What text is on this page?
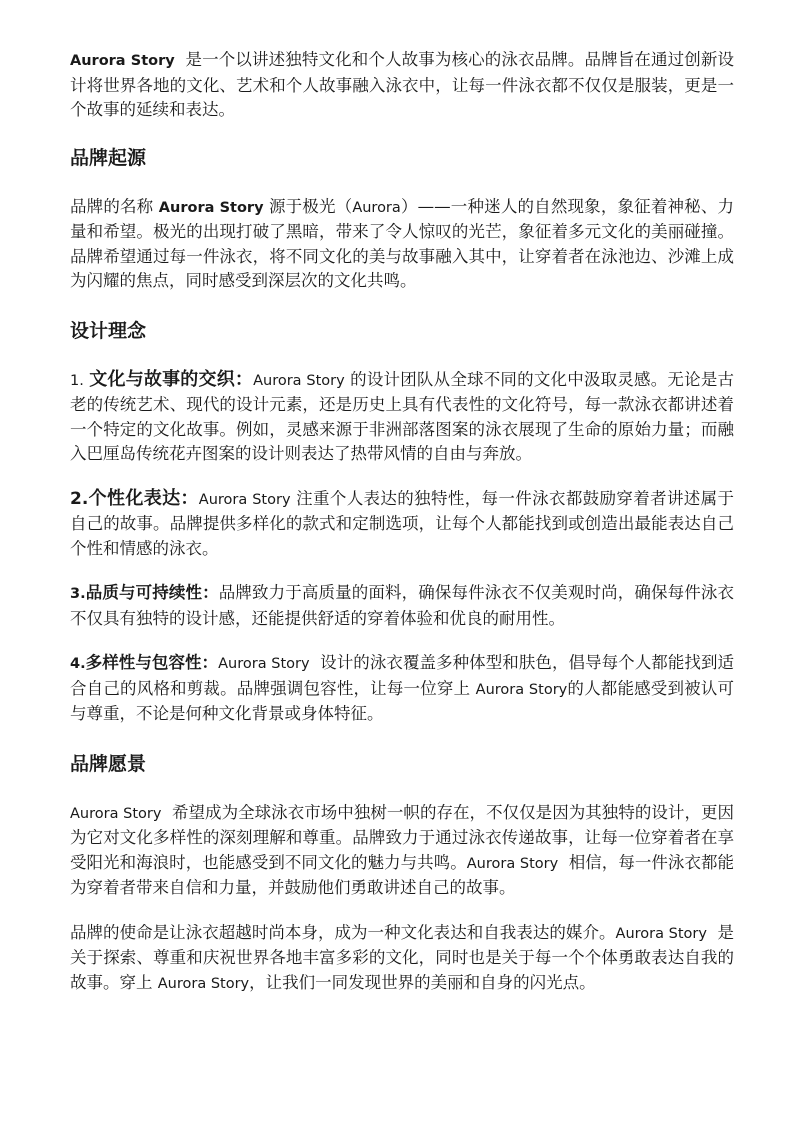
Aurora Story 是一个以讲述独特文化和个人故事为核心的泳衣品牌。品牌旨在通过创新设计将世界各地的文化、艺术和个人故事融入泳衣中，让每一件泳衣都不仅仅是服装，更是一个故事的延续和表达。

品牌起源

品牌的名称 Aurora Story 源于极光（Aurora）——一种迷人的自然现象，象征着神秘、力量和希望。极光的出现打破了黑暗，带来了令人惊叹的光芒，象征着多元文化的美丽碰撞。品牌希望通过每一件泳衣，将不同文化的美与故事融入其中，让穿着者在泳池边、沙滩上成为闪耀的焦点，同时感受到深层次的文化共鸣。

设计理念

1. 文化与故事的交织：Aurora Story 的设计团队从全球不同的文化中汲取灵感。无论是古老的传统艺术、现代的设计元素，还是历史上具有代表性的文化符号，每一款泳衣都讲述着一个特定的文化故事。例如，灵感来源于非洲部落图案的泳衣展现了生命的原始力量；而融入巴厘岛传统花卉图案的设计则表达了热带风情的自由与奔放。

2.个性化表达：Aurora Story 注重个人表达的独特性，每一件泳衣都鼓励穿着者讲述属于自己的故事。品牌提供多样化的款式和定制选项，让每个人都能找到或创造出最能表达自己个性和情感的泳衣。

3.品质与可持续性：品牌致力于高质量的面料，确保每件泳衣不仅美观时尚，确保每件泳衣不仅具有独特的设计感，还能提供舒适的穿着体验和优良的耐用性。

4.多样性与包容性：Aurora Story 设计的泳衣覆盖多种体型和肤色，倡导每个人都能找到适合自己的风格和剪裁。品牌强调包容性，让每一位穿上 Aurora Story的人都能感受到被认可与尊重，不论是何种文化背景或身体特征。

品牌愿景

Aurora Story 希望成为全球泳衣市场中独树一帜的存在，不仅仅是因为其独特的设计，更因为它对文化多样性的深刻理解和尊重。品牌致力于通过泳衣传递故事，让每一位穿着者在享受阳光和海浪时，也能感受到不同文化的魅力与共鸣。Aurora Story 相信，每一件泳衣都能为穿着者带来自信和力量，并鼓励他们勇敢讲述自己的故事。

品牌的使命是让泳衣超越时尚本身，成为一种文化表达和自我表达的媒介。Aurora Story 是关于探索、尊重和庆祝世界各地丰富多彩的文化，同时也是关于每一个个体勇敢表达自我的故事。穿上 Aurora Story，让我们一同发现世界的美丽和自身的闪光点。
